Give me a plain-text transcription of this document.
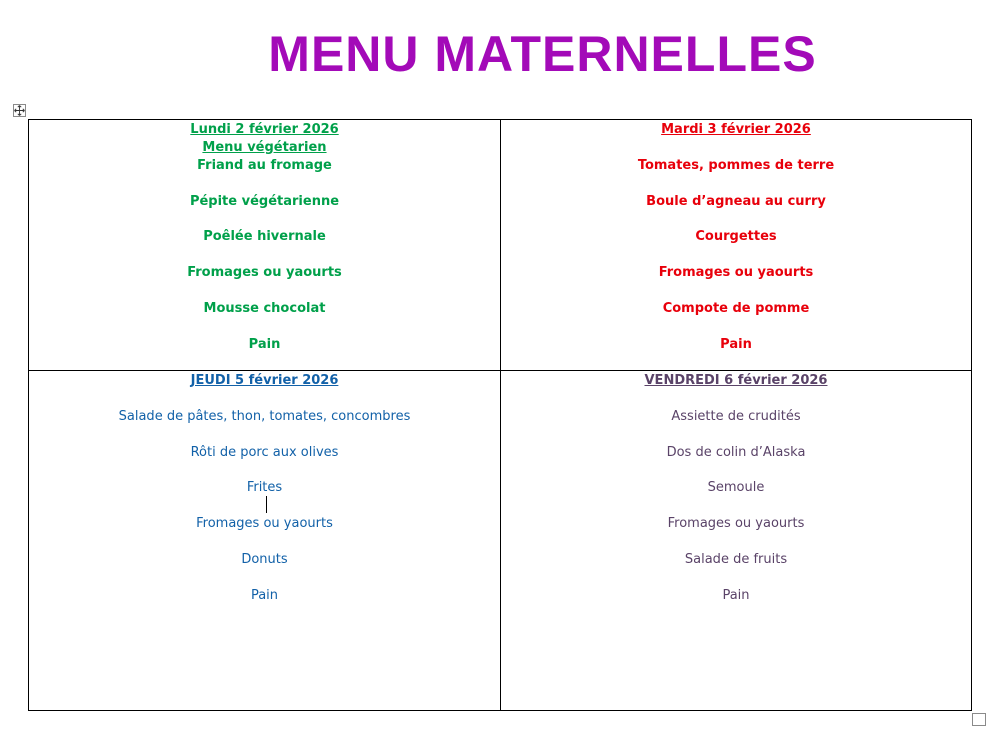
MENU MATERNELLES
Lundi 2 février 2026
Menu végétarien
Friand au fromage
Pépite végétarienne
Poêlée hivernale
Fromages ou yaourts
Mousse chocolat
Pain
Mardi 3 février 2026
Tomates, pommes de terre
Boule d’agneau au curry
Courgettes
Fromages ou yaourts
Compote de pomme
Pain
JEUDI 5 février 2026
Salade de pâtes, thon, tomates, concombres
Rôti de porc aux olives
Frites
Fromages ou yaourts
Donuts
Pain
VENDREDI 6 février 2026
Assiette de crudités
Dos de colin d’Alaska
Semoule
Fromages ou yaourts
Salade de fruits
Pain
